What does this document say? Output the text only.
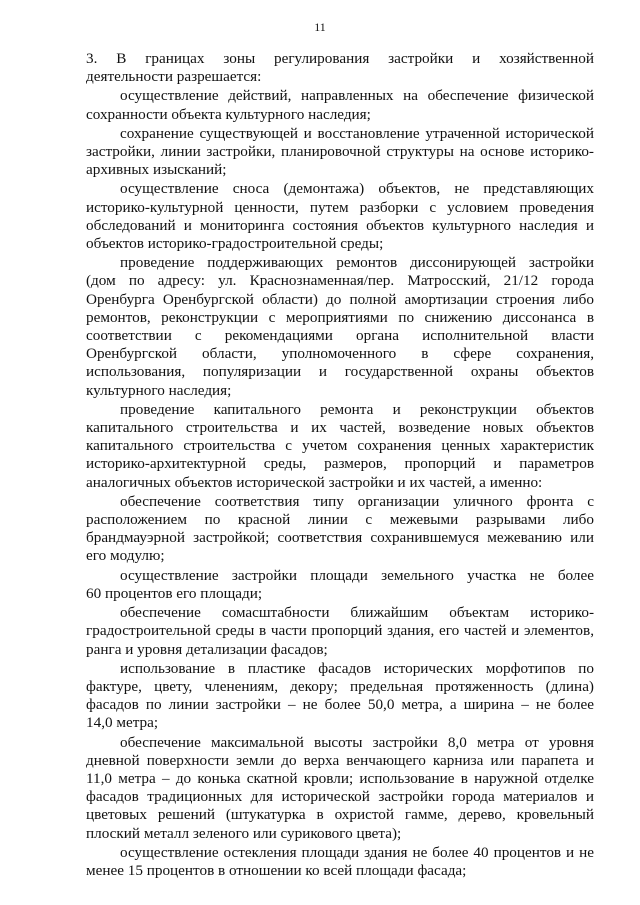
11
3. В границах зоны регулирования застройки и хозяйственной
деятельности разрешается:
осуществление действий, направленных на обеспечение физической
сохранности объекта культурного наследия;
сохранение существующей и восстановление утраченной исторической
застройки, линии застройки, планировочной структуры на основе историко-
архивных изысканий;
осуществление сноса (демонтажа) объектов, не представляющих
историко-культурной ценности, путем разборки с условием проведения
обследований и мониторинга состояния объектов культурного наследия и
объектов историко-градостроительной среды;
проведение поддерживающих ремонтов диссонирующей застройки
(дом по адресу: ул. Краснознаменная/пер. Матросский, 21/12 города
Оренбурга Оренбургской области) до полной амортизации строения либо
ремонтов, реконструкции с мероприятиями по снижению диссонанса в
соответствии с рекомендациями органа исполнительной власти
Оренбургской области, уполномоченного в сфере сохранения,
использования, популяризации и государственной охраны объектов
культурного наследия;
проведение капитального ремонта и реконструкции объектов
капитального строительства и их частей, возведение новых объектов
капитального строительства с учетом сохранения ценных характеристик
историко-архитектурной среды, размеров, пропорций и параметров
аналогичных объектов исторической застройки и их частей, а именно:
обеспечение соответствия типу организации уличного фронта с
расположением по красной линии с межевыми разрывами либо
брандмауэрной застройкой; соответствия сохранившемуся межеванию или
его модулю;
осуществление застройки площади земельного участка не более
60 процентов его площади;
обеспечение сомасштабности ближайшим объектам историко-
градостроительной среды в части пропорций здания, его частей и элементов,
ранга и уровня детализации фасадов;
использование в пластике фасадов исторических морфотипов по
фактуре, цвету, членениям, декору; предельная протяженность (длина)
фасадов по линии застройки – не более 50,0 метра, а ширина – не более
14,0 метра;
обеспечение максимальной высоты застройки 8,0 метра от уровня
дневной поверхности земли до верха венчающего карниза или парапета и
11,0 метра – до конька скатной кровли; использование в наружной отделке
фасадов традиционных для исторической застройки города материалов и
цветовых решений (штукатурка в охристой гамме, дерево, кровельный
плоский металл зеленого или сурикового цвета);
осуществление остекления площади здания не более 40 процентов и не
менее 15 процентов в отношении ко всей площади фасада;
